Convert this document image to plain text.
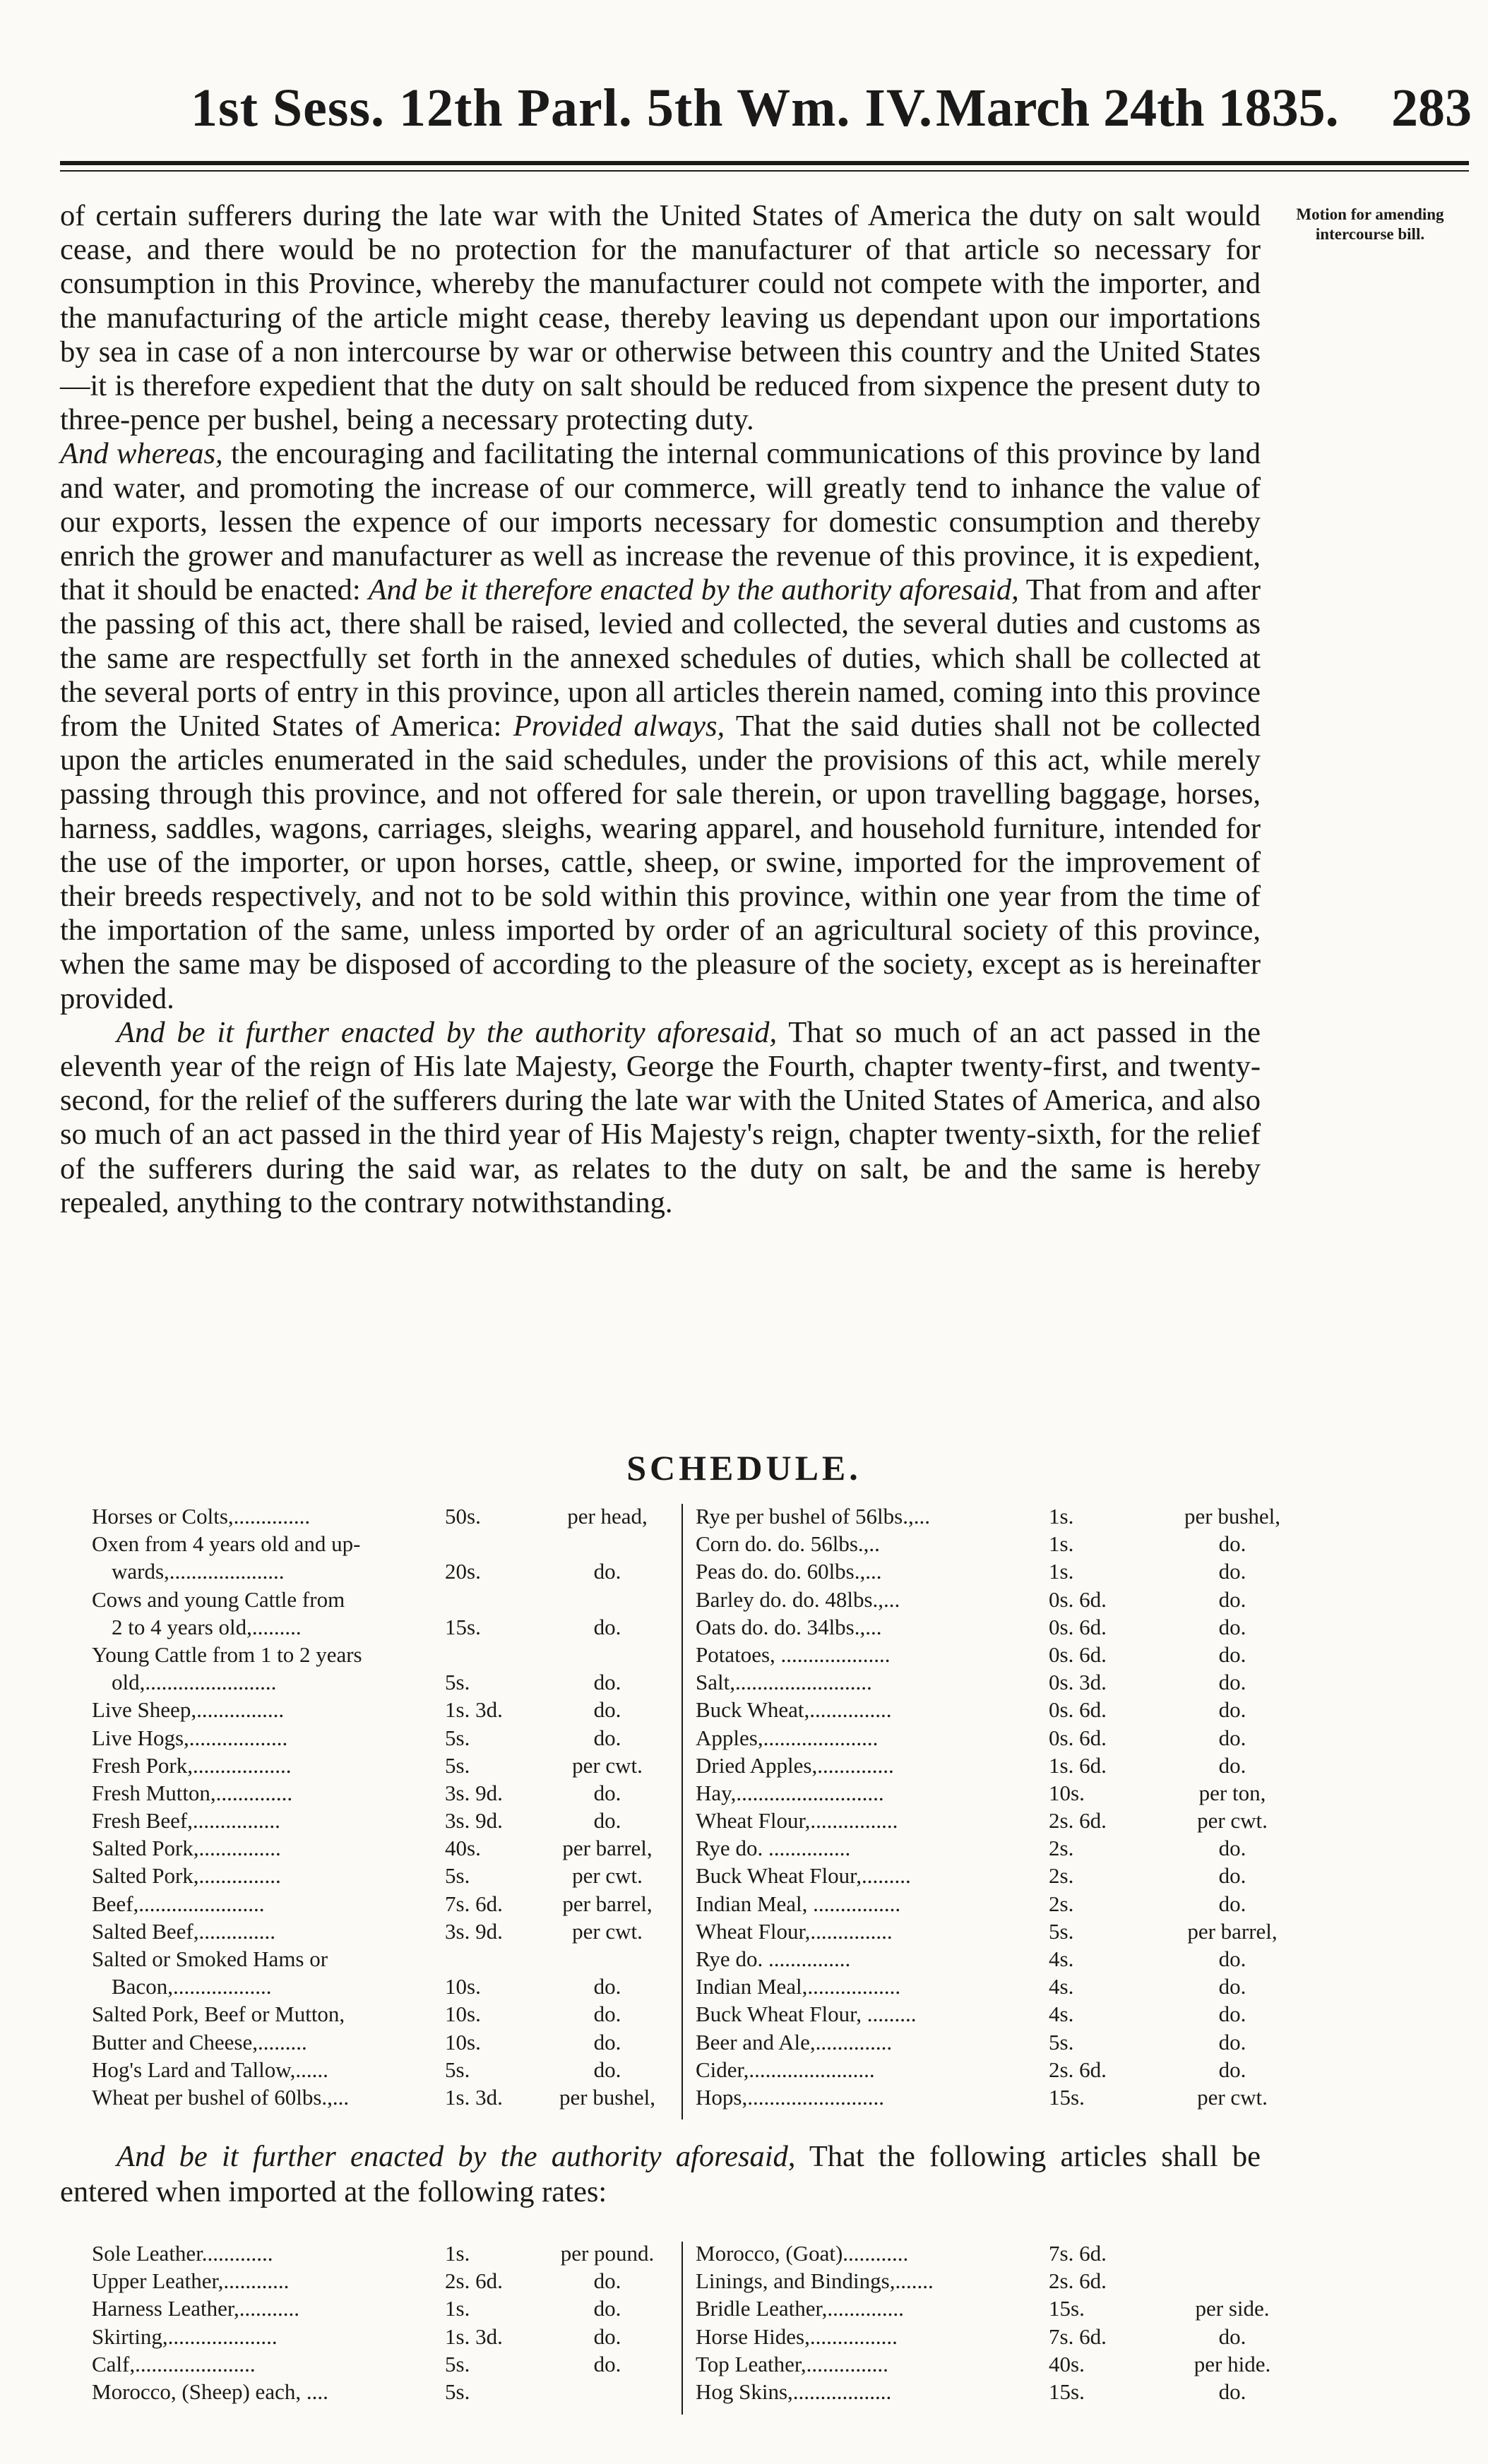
1st Sess. 12th Parl. 5th Wm. IV. March 24th 1835. 283
Motion for amending intercourse bill.

of certain sufferers during the late war with the United States of America the duty on salt would cease, and there would be no protection for the manufacturer of that article so necessary for consumption in this Province, whereby the manufacturer could not compete with the importer, and the manufacturing of the article might cease, thereby leaving us dependant upon our importations by sea in case of a non intercourse by war or otherwise between this country and the United States—it is therefore expedient that the duty on salt should be reduced from sixpence the present duty to three-pence per bushel, being a necessary protecting duty.

And whereas, the encouraging and facilitating the internal communications of this province by land and water, and promoting the increase of our commerce, will greatly tend to inhance the value of our exports, lessen the expence of our imports necessary for domestic consumption and thereby enrich the grower and manufacturer as well as increase the revenue of this province, it is expedient, that it should be enacted: And be it therefore enacted by the authority aforesaid, That from and after the passing of this act, there shall be raised, levied and collected, the several duties and customs as the same are respectfully set forth in the annexed schedules of duties, which shall be collected at the several ports of entry in this province, upon all articles therein named, coming into this province from the United States of America: Provided always, That the said duties shall not be collected upon the articles enumerated in the said schedules, under the provisions of this act, while merely passing through this province, and not offered for sale therein, or upon travelling baggage, horses, harness, saddles, wagons, carriages, sleighs, wearing apparel, and household furniture, intended for the use of the importer, or upon horses, cattle, sheep, or swine, imported for the improvement of their breeds respectively, and not to be sold within this province, within one year from the time of the importation of the same, unless imported by order of an agricultural society of this province, when the same may be disposed of according to the pleasure of the society, except as is hereinafter provided.

And be it further enacted by the authority aforesaid, That so much of an act passed in the eleventh year of the reign of His late Majesty, George the Fourth, chapter twenty-first, and twenty-second, for the relief of the sufferers during the late war with the United States of America, and also so much of an act passed in the third year of His Majesty's reign, chapter twenty-sixth, for the relief of the sufferers during the said war, as relates to the duty on salt, be and the same is hereby repealed, anything to the contrary notwithstanding.

SCHEDULE.
Horses or Colts,..............	50s.	per head,
Oxen from 4 years old and up-
wards,.....................	20s.	do.
Cows and young Cattle from
2 to 4 years old,.........	15s.	do.
Young Cattle from 1 to 2 years
old,........................	5s.	do.
Live Sheep,................	1s. 3d.	do.
Live Hogs,..................	5s.	do.
Fresh Pork,..................	5s.	per cwt.
Fresh Mutton,..............	3s. 9d.	do.
Fresh Beef,................	3s. 9d.	do.
Salted Pork,...............	40s.	per barrel,
Salted Pork,...............	5s.	per cwt.
Beef,.......................	7s. 6d.	per barrel,
Salted Beef,..............	3s. 9d.	per cwt.
Salted or Smoked Hams or
Bacon,..................	10s.	do.
Salted Pork, Beef or Mutton,	10s.	do.
Butter and Cheese,.........	10s.	do.
Hog's Lard and Tallow,......	5s.	do.
Wheat per bushel of 60lbs.,...	1s. 3d.	per bushel,
Rye per bushel of 56lbs.,...	1s.	per bushel,
Corn do. do. 56lbs.,..	1s.	do.
Peas do. do. 60lbs.,...	1s.	do.
Barley do. do. 48lbs.,...	0s. 6d.	do.
Oats do. do. 34lbs.,...	0s. 6d.	do.
Potatoes, ....................	0s. 6d.	do.
Salt,.........................	0s. 3d.	do.
Buck Wheat,...............	0s. 6d.	do.
Apples,.....................	0s. 6d.	do.
Dried Apples,..............	1s. 6d.	do.
Hay,...........................	10s.	per ton,
Wheat Flour,................	2s. 6d.	per cwt.
Rye do. ...............	2s.	do.
Buck Wheat Flour,.........	2s.	do.
Indian Meal, ................	2s.	do.
Wheat Flour,...............	5s.	per barrel,
Rye do. ...............	4s.	do.
Indian Meal,.................	4s.	do.
Buck Wheat Flour, .........	4s.	do.
Beer and Ale,..............	5s.	do.
Cider,.......................	2s. 6d.	do.
Hops,.........................	15s.	per cwt.

And be it further enacted by the authority aforesaid, That the following articles shall be entered when imported at the following rates:

Sole Leather.............	1s.	per pound.
Upper Leather,............	2s. 6d.	do.
Harness Leather,...........	1s.	do.
Skirting,....................	1s. 3d.	do.
Calf,......................	5s.	do.
Morocco, (Sheep) each, ....	5s.
Morocco, (Goat)............	7s. 6d.
Linings, and Bindings,.......	2s. 6d.
Bridle Leather,..............	15s.	per side.
Horse Hides,................	7s. 6d.	do.
Top Leather,...............	40s.	per hide.
Hog Skins,..................	15s.	do.
